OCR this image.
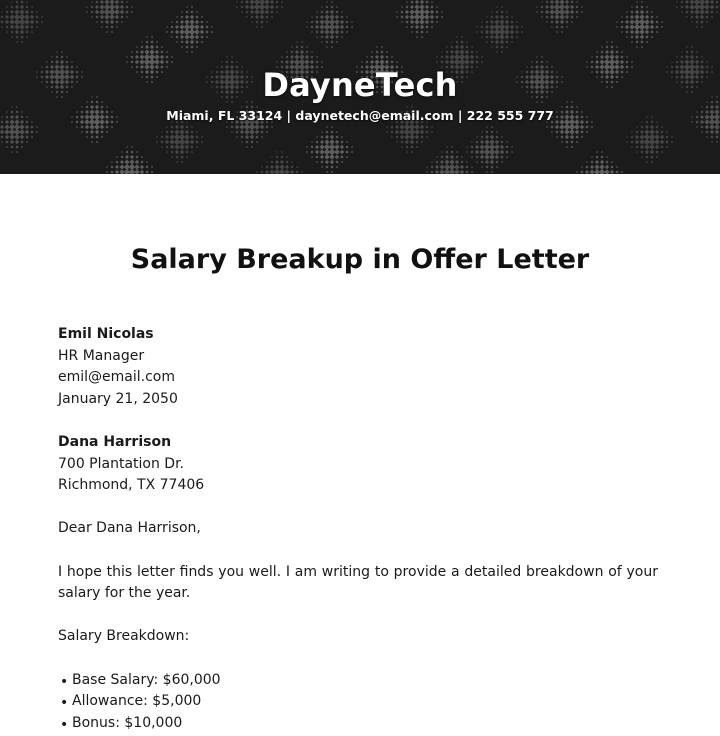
DayneTech
Miami, FL 33124 | daynetech@email.com | 222 555 777
Salary Breakup in Offer Letter
Emil Nicolas
HR Manager
emil@email.com
January 21, 2050
Dana Harrison
700 Plantation Dr.
Richmond, TX 77406
Dear Dana Harrison,
I hope this letter finds you well. I am writing to provide a detailed breakdown of your salary for the year.
Salary Breakdown:
• Base Salary: $60,000
• Allowance: $5,000
• Bonus: $10,000
